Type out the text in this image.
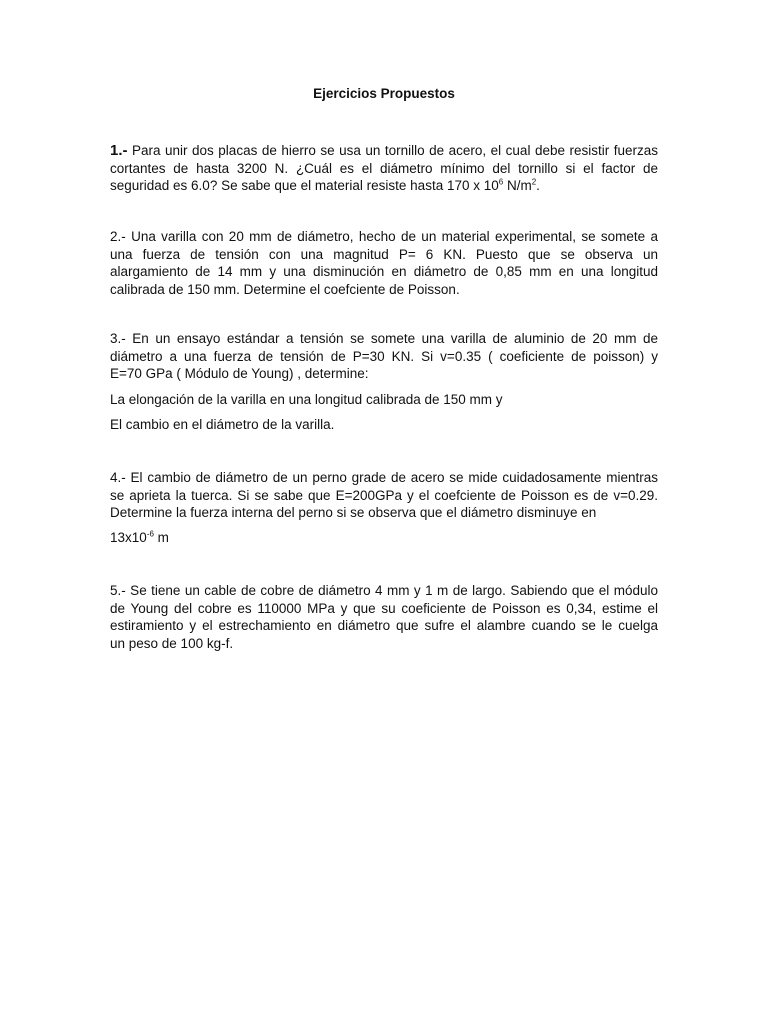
Ejercicios Propuestos
1.- Para unir dos placas de hierro se usa un tornillo de acero, el cual debe resistir fuerzas
cortantes de hasta 3200 N. ¿Cuál es el diámetro mínimo del tornillo si el factor de
seguridad es 6.0? Se sabe que el material resiste hasta 170 x $10^6$ $N/m^2$.
2.- Una varilla con 20 mm de diámetro, hecho de un material experimental, se somete a
una fuerza de tensión con una magnitud P= 6 KN. Puesto que se observa un
alargamiento de 14 mm y una disminución en diámetro de 0,85 mm en una longitud
calibrada de 150 mm. Determine el coefciente de Poisson.
3.- En un ensayo estándar a tensión se somete una varilla de aluminio de 20 mm de
diámetro a una fuerza de tensión de P=30 KN. Si v=0.35 ( coeficiente de poisson) y
E=70 GPa ( Módulo de Young) , determine:
La elongación de la varilla en una longitud calibrada de 150 mm y
El cambio en el diámetro de la varilla.
4.- El cambio de diámetro de un perno grade de acero se mide cuidadosamente mientras
se aprieta la tuerca. Si se sabe que E=200GPa y el coefciente de Poisson es de v=0.29.
Determine la fuerza interna del perno si se observa que el diámetro disminuye en
$13x10^{-6}$ m
5.- Se tiene un cable de cobre de diámetro 4 mm y 1 m de largo. Sabiendo que el módulo
de Young del cobre es 110000 MPa y que su coeficiente de Poisson es 0,34, estime el
estiramiento y el estrechamiento en diámetro que sufre el alambre cuando se le cuelga
un peso de 100 kg-f.
